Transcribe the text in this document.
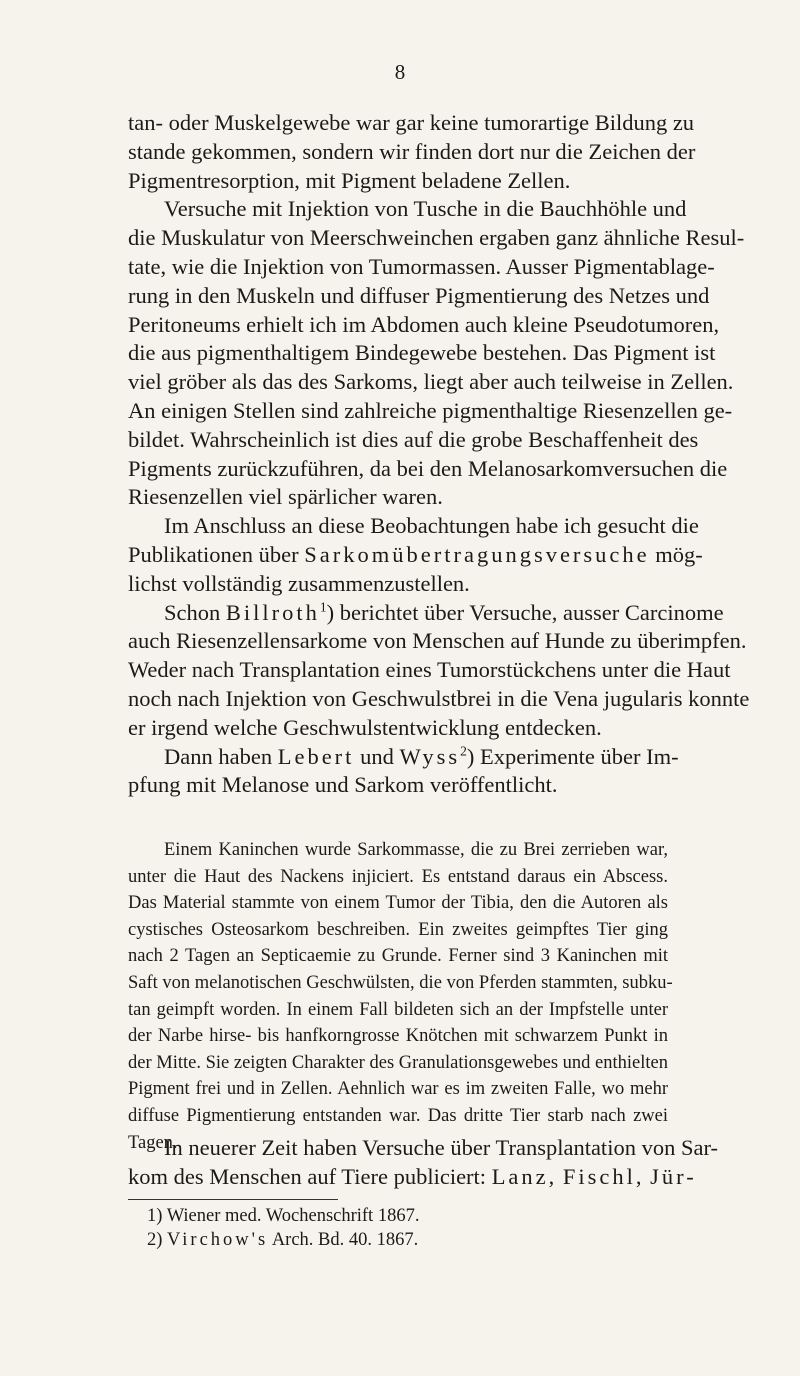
8
tan- oder Muskelgewebe war gar keine tumorartige Bildung zu
stande gekommen, sondern wir finden dort nur die Zeichen der
Pigmentresorption, mit Pigment beladene Zellen.
Versuche mit Injektion von Tusche in die Bauchhöhle und
die Muskulatur von Meerschweinchen ergaben ganz ähnliche Resul-
tate, wie die Injektion von Tumormassen. Ausser Pigmentablage-
rung in den Muskeln und diffuser Pigmentierung des Netzes und
Peritoneums erhielt ich im Abdomen auch kleine Pseudotumoren,
die aus pigmenthaltigem Bindegewebe bestehen. Das Pigment ist
viel gröber als das des Sarkoms, liegt aber auch teilweise in Zellen.
An einigen Stellen sind zahlreiche pigmenthaltige Riesenzellen ge-
bildet. Wahrscheinlich ist dies auf die grobe Beschaffenheit des
Pigments zurückzuführen, da bei den Melanosarkomversuchen die
Riesenzellen viel spärlicher waren.
Im Anschluss an diese Beobachtungen habe ich gesucht die
Publikationen über Sarkomübertragungsversuche mög-
lichst vollständig zusammenzustellen.
Schon Billroth$^1$) berichtet über Versuche, ausser Carcinome
auch Riesenzellensarkome von Menschen auf Hunde zu überimpfen.
Weder nach Transplantation eines Tumorstückchens unter die Haut
noch nach Injektion von Geschwulstbrei in die Vena jugularis konnte
er irgend welche Geschwulstentwicklung entdecken.
Dann haben Lebert und Wyss$^2$) Experimente über Im-
pfung mit Melanose und Sarkom veröffentlicht.
Einem Kaninchen wurde Sarkommasse, die zu Brei zerrieben war,
unter die Haut des Nackens injiciert. Es entstand daraus ein Abscess.
Das Material stammte von einem Tumor der Tibia, den die Autoren als
cystisches Osteosarkom beschreiben. Ein zweites geimpftes Tier ging
nach 2 Tagen an Septicaemie zu Grunde. Ferner sind 3 Kaninchen mit
Saft von melanotischen Geschwülsten, die von Pferden stammten, subku-
tan geimpft worden. In einem Fall bildeten sich an der Impfstelle unter
der Narbe hirse- bis hanfkorngrosse Knötchen mit schwarzem Punkt in
der Mitte. Sie zeigten Charakter des Granulationsgewebes und enthielten
Pigment frei und in Zellen. Aehnlich war es im zweiten Falle, wo mehr
diffuse Pigmentierung entstanden war. Das dritte Tier starb nach zwei
Tagen.
In neuerer Zeit haben Versuche über Transplantation von Sar-
kom des Menschen auf Tiere publiciert: Lanz, Fischl, Jür-
1) Wiener med. Wochenschrift 1867.
2) Virchow's Arch. Bd. 40. 1867.
